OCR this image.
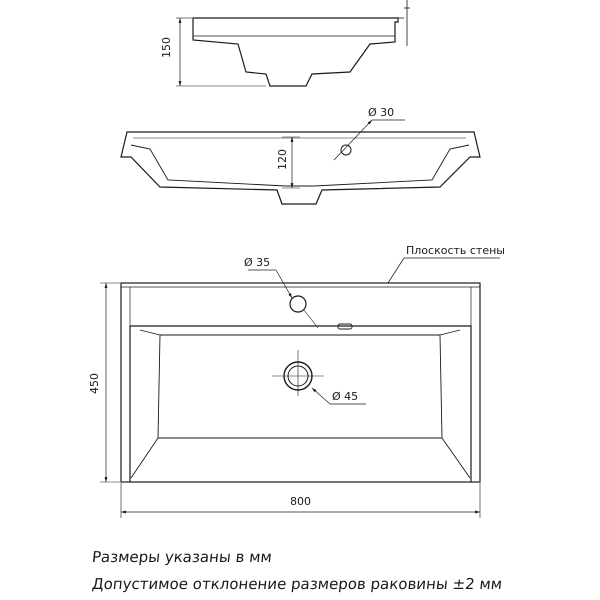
150
120
Ø 30
Плоскость стены
Ø 35
Ø 45
450
800
Размеры указаны в мм
Допустимое отклонение размеров раковины ±2 мм
